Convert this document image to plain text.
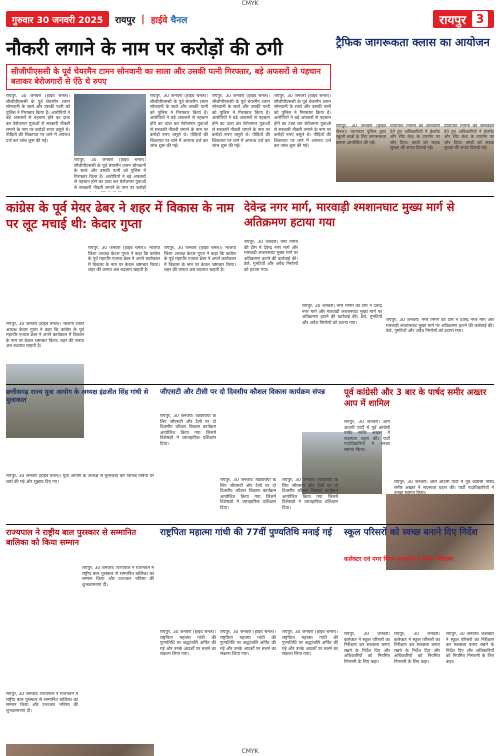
CMYK
गुरुवार 30 जनवरी 2025	रायपुर | हाईवे चैनल	रायपुर 3
नौकरी लगाने के नाम पर करोड़ों की ठगी
सीजीपीएससी के पूर्व चेयरमैन टामन सोनवानी का साला और उसकी पत्नी गिरफ्तार, बड़े अफसरों से पहचान बताकर बेरोजगारों से ऐंठे थे रुपए
रायपुर, 30 जनवरी (हाईवे चैनल)। सीजीपीएससी के पूर्व चेयरमैन टामन सोनवानी के साले और उसकी पत्नी को पुलिस ने गिरफ्तार किया है। आरोपियों ने बड़े अफसरों से पहचान होने का दावा कर बेरोजगार युवाओं से सरकारी नौकरी लगाने के नाम पर करोड़ों रुपए वसूले थे। पीड़ितों की शिकायत पर थाने में अपराध दर्ज कर जांच शुरू की गई।
रायपुर, 30 जनवरी (हाईवे चैनल)। सीजीपीएससी के पूर्व चेयरमैन टामन सोनवानी के साले और उसकी पत्नी को पुलिस ने गिरफ्तार किया है। आरोपियों ने बड़े अफसरों से पहचान होने का दावा कर बेरोजगार युवाओं से सरकारी नौकरी लगाने के नाम पर करोड़ों
रायपुर, 30 जनवरी (हाईवे चैनल)। सीजीपीएससी के पूर्व चेयरमैन टामन सोनवानी के साले और उसकी पत्नी को पुलिस ने गिरफ्तार किया है। आरोपियों ने बड़े अफसरों से पहचान होने का दावा कर बेरोजगार युवाओं से सरकारी नौकरी लगाने के नाम पर करोड़ों रुपए वसूले थे। पीड़ितों की शिकायत पर थाने में अपराध दर्ज कर जांच शुरू की गई।
रायपुर, 30 जनवरी (हाईवे चैनल)। सीजीपीएससी के पूर्व चेयरमैन टामन सोनवानी के साले और उसकी पत्नी को पुलिस ने गिरफ्तार किया है। आरोपियों ने बड़े अफसरों से पहचान होने का दावा कर बेरोजगार युवाओं से सरकारी नौकरी लगाने के नाम पर करोड़ों रुपए वसूले थे। पीड़ितों की शिकायत पर थाने में अपराध दर्ज कर जांच शुरू की गई।
रायपुर, 30 जनवरी (हाईवे चैनल)। सीजीपीएससी के पूर्व चेयरमैन टामन सोनवानी के साले और उसकी पत्नी को पुलिस ने गिरफ्तार किया है। आरोपियों ने बड़े अफसरों से पहचान होने का दावा कर बेरोजगार युवाओं से सरकारी नौकरी लगाने के नाम पर करोड़ों रुपए वसूले थे। पीड़ितों की शिकायत पर थाने में अपराध दर्ज कर जांच शुरू की गई।
ट्रैफिक जागरूकता क्लास का आयोजन
रायपुर, 30 जनवरी (हाईवे चैनल)। यातायात पुलिस द्वारा स्कूली छात्रों के लिए जागरूकता क्लास आयोजित की गई।
यातायात नियमों की जानकारी देते हुए अधिकारियों ने हेलमेट और सीट बेल्ट के उपयोग पर जोर दिया। छात्रों को सड़क सुरक्षा की शपथ दिलाई गई।
यातायात नियमों की जानकारी देते हुए अधिकारियों ने हेलमेट और सीट बेल्ट के उपयोग पर जोर दिया। छात्रों को सड़क सुरक्षा की शपथ दिलाई गई।
कांग्रेस के पूर्व मेयर ढेबर ने शहर में विकास के नाम पर लूट मचाई थी: केदार गुप्ता
रायपुर, 30 जनवरी (हाईवे चैनल)। भाजपा जिला अध्यक्ष केदार गुप्ता ने कहा कि कांग्रेस के पूर्व महापौर एजाज ढेबर ने अपने कार्यकाल में विकास के नाम पर केवल भ्रष्टाचार किया। शहर की जनता अब बदलाव चाहती है।
रायपुर, 30 जनवरी (हाईवे चैनल)। भाजपा जिला अध्यक्ष केदार गुप्ता ने कहा कि कांग्रेस के पूर्व महापौर एजाज ढेबर ने अपने कार्यकाल में विकास के नाम पर केवल भ्रष्टाचार किया। शहर की जनता अब बदलाव चाहती है।
रायपुर, 30 जनवरी (हाईवे चैनल)। भाजपा जिला अध्यक्ष केदार गुप्ता ने कहा कि कांग्रेस के पूर्व महापौर एजाज ढेबर ने अपने कार्यकाल में विकास के नाम पर केवल भ्रष्टाचार किया। शहर की जनता अब बदलाव चाहती है।
देवेन्द्र नगर मार्ग, मारवाड़ी श्मशानघाट मुख्य मार्ग से अतिक्रमण हटाया गया
रायपुर, 30 जनवरी। नगर निगम की टीम ने देवेन्द्र नगर मार्ग और मारवाड़ी श्मशानघाट मुख्य मार्ग पर अतिक्रमण हटाने की कार्रवाई की। ठेले, गुमटियों और अवैध निर्माणों को हटाया गया।
रायपुर, 30 जनवरी। नगर निगम की टीम ने देवेन्द्र नगर मार्ग और मारवाड़ी श्मशानघाट मुख्य मार्ग पर अतिक्रमण हटाने की कार्रवाई की। ठेले, गुमटियों और अवैध निर्माणों को हटाया गया।
रायपुर, 30 जनवरी। नगर निगम की टीम ने देवेन्द्र नगर मार्ग और मारवाड़ी श्मशानघाट मुख्य मार्ग पर अतिक्रमण हटाने की कार्रवाई की। ठेले, गुमटियों और अवैध निर्माणों को हटाया गया।
छत्तीसगढ़ राज्य युवा आयोग के अध्यक्ष इंद्रजीत सिंह गांधी से मुलाकात
रायपुर, 30 जनवरी (हाईवे चैनल)। युवा आयोग के अध्यक्ष से मुलाकात कर विभिन्न विषयों पर चर्चा की गई और सुझाव दिए गए।
जीएसटी और टीसी पर दो दिवसीय कौशल विकास कार्यक्रम संपन्न
रायपुर, 30 जनवरी। विद्यार्थियों के लिए जीएसटी और टैली पर दो दिवसीय कौशल विकास कार्यक्रम आयोजित किया गया जिसमें विशेषज्ञों ने व्यावहारिक प्रशिक्षण दिया।
रायपुर, 30 जनवरी। विद्यार्थियों के लिए जीएसटी और टैली पर दो दिवसीय कौशल विकास कार्यक्रम आयोजित किया गया जिसमें विशेषज्ञों ने व्यावहारिक प्रशिक्षण दिया।
रायपुर, 30 जनवरी। विद्यार्थियों के लिए जीएसटी और टैली पर दो दिवसीय कौशल विकास कार्यक्रम आयोजित किया गया जिसमें विशेषज्ञों ने व्यावहारिक प्रशिक्षण दिया।
पूर्व कांग्रेसी और 3 बार के पार्षद समीर अख्तर आप में शामिल
रायपुर, 30 जनवरी। आम आदमी पार्टी में पूर्व कांग्रेसी पार्षद समीर अख्तर ने सदस्यता ग्रहण की। पार्टी पदाधिकारियों ने उनका स्वागत किया।
रायपुर, 30 जनवरी। आम आदमी पार्टी में पूर्व कांग्रेसी पार्षद समीर अख्तर ने सदस्यता ग्रहण की। पार्टी पदाधिकारियों ने उनका स्वागत किया।
राज्यपाल ने राष्ट्रीय बाल पुरस्कार से सम्मानित बालिका को किया सम्मान
रायपुर, 30 जनवरी। राज्यपाल ने राजभवन में राष्ट्रीय बाल पुरस्कार से सम्मानित बालिका का सम्मान किया और उज्ज्वल भविष्य की शुभकामनाएं दीं।
रायपुर, 30 जनवरी। राज्यपाल ने राजभवन में राष्ट्रीय बाल पुरस्कार से सम्मानित बालिका का सम्मान किया और उज्ज्वल भविष्य की शुभकामनाएं दीं।
राष्ट्रपिता महात्मा गांधी की 77वीं पुण्यतिथि मनाई गई
रायपुर, 30 जनवरी (हाईवे चैनल)। राष्ट्रपिता महात्मा गांधी की पुण्यतिथि पर श्रद्धांजलि अर्पित की गई और उनके आदर्शों पर चलने का संकल्प लिया गया।
रायपुर, 30 जनवरी (हाईवे चैनल)। राष्ट्रपिता महात्मा गांधी की पुण्यतिथि पर श्रद्धांजलि अर्पित की गई और उनके आदर्शों पर चलने का संकल्प लिया गया।
रायपुर, 30 जनवरी (हाईवे चैनल)। राष्ट्रपिता महात्मा गांधी की पुण्यतिथि पर श्रद्धांजलि अर्पित की गई और उनके आदर्शों पर चलने का संकल्प लिया गया।
स्कूल परिसरों को स्वच्छ बनाने दिए निर्देश
कलेक्टर एवं नगर निगम प्रशासक ने किया निरीक्षण
रायपुर, 30 जनवरी। कलेक्टर ने स्कूल परिसरों का निरीक्षण कर स्वच्छता बनाए रखने के निर्देश दिए और अधिकारियों को नियमित निगरानी के लिए कहा।
रायपुर, 30 जनवरी। कलेक्टर ने स्कूल परिसरों का निरीक्षण कर स्वच्छता बनाए रखने के निर्देश दिए और अधिकारियों को नियमित निगरानी के लिए कहा।
रायपुर, 30 जनवरी। कलेक्टर ने स्कूल परिसरों का निरीक्षण कर स्वच्छता बनाए रखने के निर्देश दिए और अधिकारियों को नियमित निगरानी के लिए कहा।
CMYK
